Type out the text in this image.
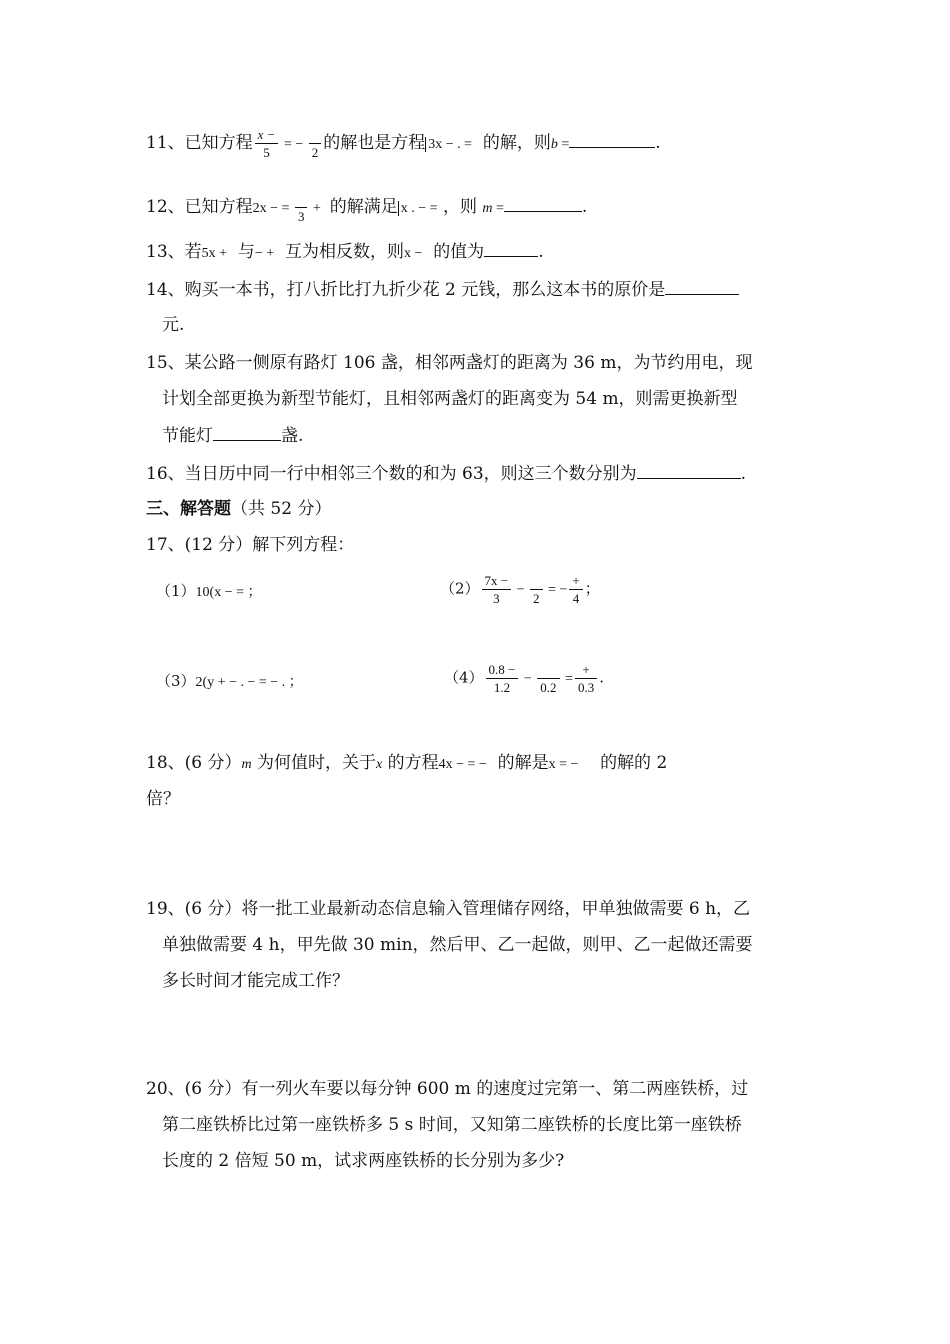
11、已知方程 $\frac{x -}{5}$ = −

2 的解也是方程 3x − . = 的解，则b =	.
12、已知方程2x − =

3
+  的解满足 x . − = ，则 m =	.
13、若5x + 与− + 互为相反数，则x − 的值为	.
14、购买一本书，打八折比打九折少花 2 元钱，那么这本书的原价是
元.
15、某公路一侧原有路灯 106 盏，相邻两盏灯的距离为 36 m，为节约用电，现
计划全部更换为新型节能灯，且相邻两盏灯的距离变为 54 m，则需更换新型
节能灯	盏.
16、当日历中同一行中相邻三个数的和为 63，则这三个数分别为	.
三、解答题（共 52 分）
17、(12 分）解下列方程：
（1）10(x − = ；	$(2) \frac{7x -}{3}$ −

2
= − $\frac{+}{4}$ ；
（3）2(y + − . − = − . ；	$(4) \frac{0.8 -}{1.2}$ −

0.2
= $\frac{+}{0.3}$ .
18、(6 分）m 为何值时，关于x 的方程4x − = − 的解是x = − 的解的 2
倍？
19、(6 分）将一批工业最新动态信息输入管理储存网络，甲单独做需要 6 h，乙
单独做需要 4 h，甲先做 30 min，然后甲、乙一起做，则甲、乙一起做还需要
多长时间才能完成工作？
20、(6 分）有一列火车要以每分钟 600 m 的速度过完第一、第二两座铁桥，过
第二座铁桥比过第一座铁桥多 5 s 时间，又知第二座铁桥的长度比第一座铁桥
长度的 2 倍短 50 m，试求两座铁桥的长分别为多少?
